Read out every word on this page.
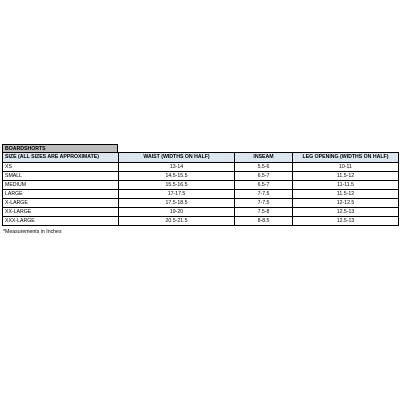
BOARDSHORTS
SIZE (ALL SIZES ARE APPROXIMATE)	WAIST (WIDTHS ON HALF)	INSEAM	LEG OPENING (WIDTHS ON HALF)
XS	13-14	5.5-6	10-11
SMALL	14.5-15.5	6.5-7	11.5-12
MEDIUM	15.5-16.5	6.5-7	11-11.5
LARGE	17-17.5	7-7.5	11.5-12
X-LARGE	17.5-18.5	7-7.5	12-12.5
XX-LARGE	19-20	7.5-8	12.5-13
XXX-LARGE	20.5-21.5	8-8.5	12.5-13
*Measurements in Inches
